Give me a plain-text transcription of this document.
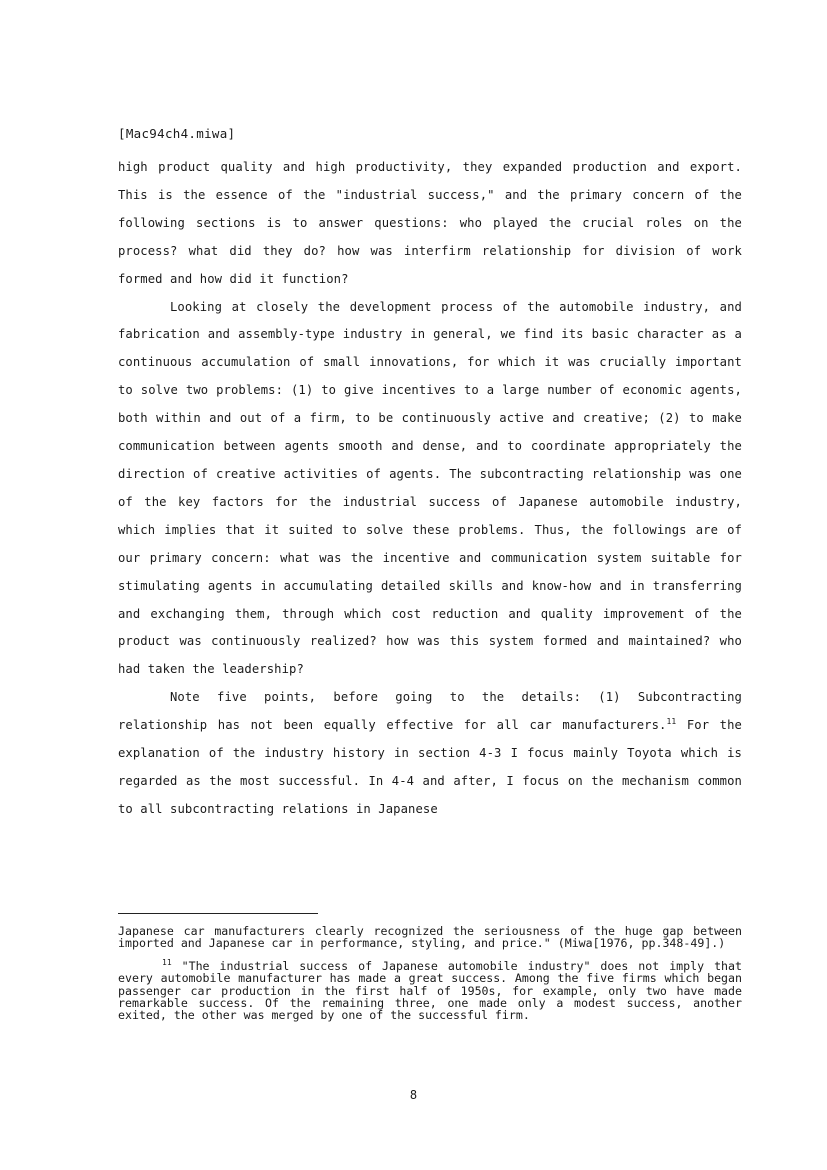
[Mac94ch4.miwa]

high product quality and high productivity, they expanded production and export. This is the essence of the "industrial success," and the primary concern of the following sections is to answer questions: who played the crucial roles on the process? what did they do? how was interfirm relationship for division of work formed and how did it function?

Looking at closely the development process of the automobile industry, and fabrication and assembly-type industry in general, we find its basic character as a continuous accumulation of small innovations, for which it was crucially important to solve two problems: (1) to give incentives to a large number of economic agents, both within and out of a firm, to be continuously active and creative; (2) to make communication between agents smooth and dense, and to coordinate appropriately the direction of creative activities of agents. The subcontracting relationship was one of the key factors for the industrial success of Japanese automobile industry, which implies that it suited to solve these problems. Thus, the followings are of our primary concern: what was the incentive and communication system suitable for stimulating agents in accumulating detailed skills and know-how and in transferring and exchanging them, through which cost reduction and quality improvement of the product was continuously realized? how was this system formed and maintained? who had taken the leadership?

Note five points, before going to the details: (1) Subcontracting relationship has not been equally effective for all car manufacturers.$^{11}$ For the explanation of the industry history in section 4-3 I focus mainly Toyota which is regarded as the most successful. In 4-4 and after, I focus on the mechanism common to all subcontracting relations in Japanese

Japanese car manufacturers clearly recognized the seriousness of the huge gap between imported and Japanese car in performance, styling, and price." (Miwa[1976, pp.348-49].)

$^{11}$ "The industrial success of Japanese automobile industry" does not imply that every automobile manufacturer has made a great success. Among the five firms which began passenger car production in the first half of 1950s, for example, only two have made remarkable success. Of the remaining three, one made only a modest success, another exited, the other was merged by one of the successful firm.

8
